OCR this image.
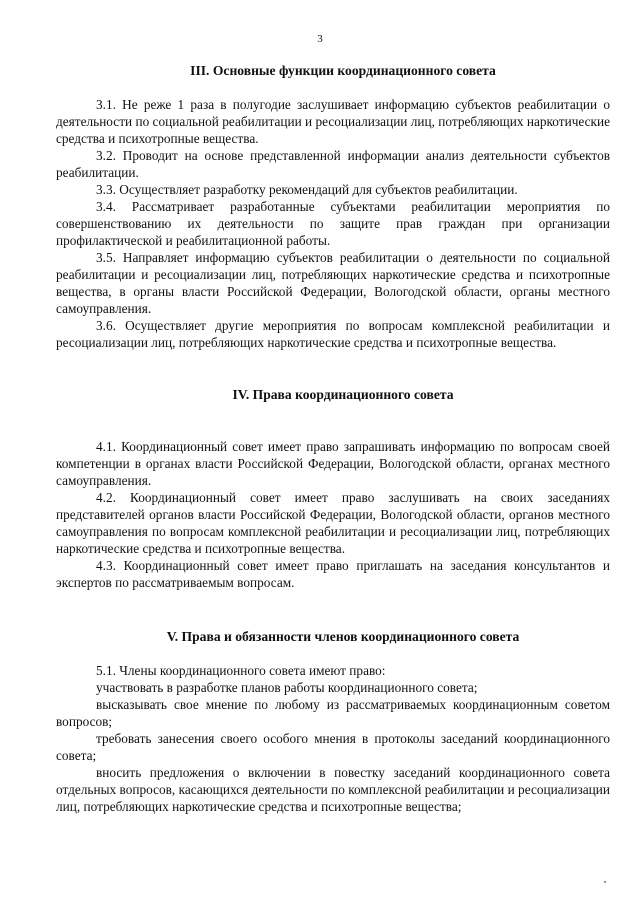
3
III. Основные функции координационного совета

3.1. Не реже 1 раза в полугодие заслушивает информацию субъектов реабилитации о деятельности по социальной реабилитации и ресоциализации лиц, потребляющих наркотические средства и психотропные вещества.

3.2. Проводит на основе представленной информации анализ деятельности субъектов реабилитации.

3.3. Осуществляет разработку рекомендаций для субъектов реабилитации.

3.4. Рассматривает разработанные субъектами реабилитации мероприятия по совершенствованию их деятельности по защите прав граждан при организации профилактической и реабилитационной работы.

3.5. Направляет информацию субъектов реабилитации о деятельности по социальной реабилитации и ресоциализации лиц, потребляющих наркотические средства и психотропные вещества, в органы власти Российской Федерации, Вологодской области, органы местного самоуправления.

3.6. Осуществляет другие мероприятия по вопросам комплексной реабилитации и ресоциализации лиц, потребляющих наркотические средства и психотропные вещества.

IV. Права координационного совета

4.1. Координационный совет имеет право запрашивать информацию по вопросам своей компетенции в органах власти Российской Федерации, Вологодской области, органах местного самоуправления.

4.2. Координационный совет имеет право заслушивать на своих заседаниях представителей органов власти Российской Федерации, Вологодской области, органов местного самоуправления по вопросам комплексной реабилитации и ресоциализации лиц, потребляющих наркотические средства и психотропные вещества.

4.3. Координационный совет имеет право приглашать на заседания консультантов и экспертов по рассматриваемым вопросам.

V. Права и обязанности членов координационного совета

5.1. Члены координационного совета имеют право:

участвовать в разработке планов работы координационного совета;

высказывать свое мнение по любому из рассматриваемых координационным советом вопросов;

требовать занесения своего особого мнения в протоколы заседаний координационного совета;

вносить предложения о включении в повестку заседаний координационного совета отдельных вопросов, касающихся деятельности по комплексной реабилитации и ресоциализации лиц, потребляющих наркотические средства и психотропные вещества;
